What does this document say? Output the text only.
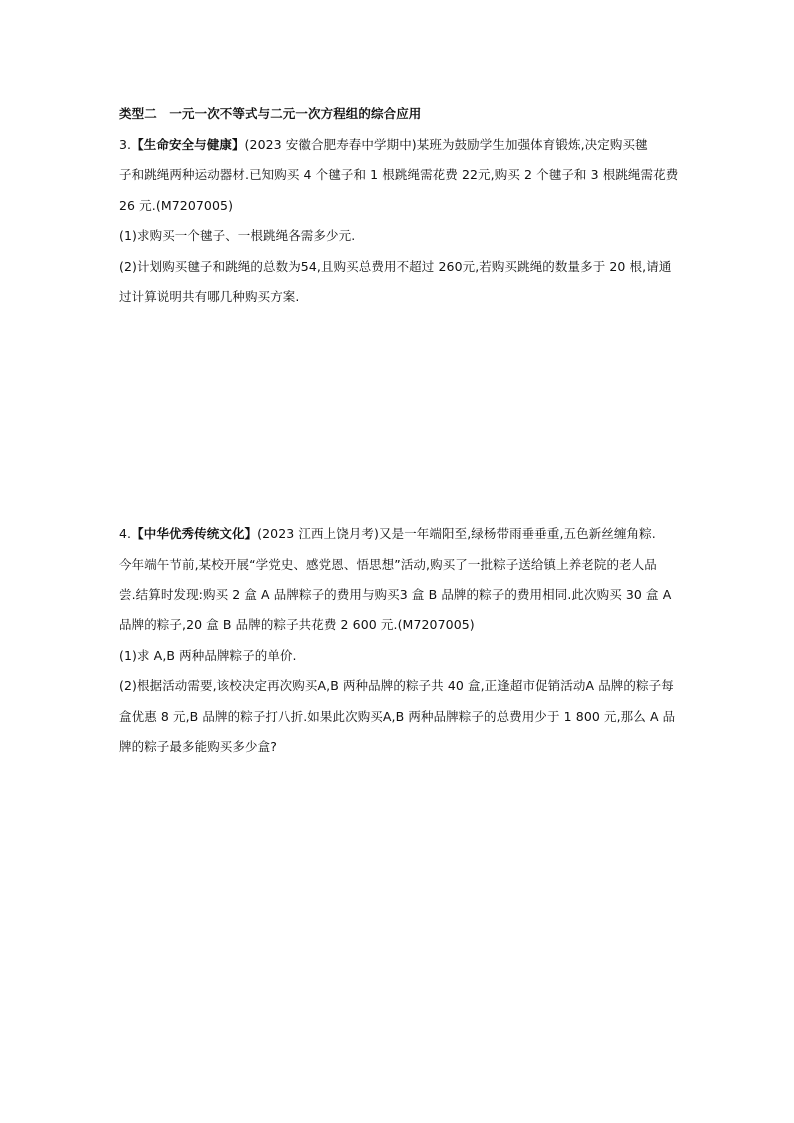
类型二　一元一次不等式与二元一次方程组的综合应用
3.【生命安全与健康】(2023 安徽合肥寿春中学期中)某班为鼓励学生加强体育锻炼,决定购买毽
子和跳绳两种运动器材.已知购买 4 个毽子和 1 根跳绳需花费 22元,购买 2 个毽子和 3 根跳绳需花费
26 元.(M7207005)
(1)求购买一个毽子、一根跳绳各需多少元.
(2)计划购买毽子和跳绳的总数为54,且购买总费用不超过 260元,若购买跳绳的数量多于 20 根,请通
过计算说明共有哪几种购买方案.
4.【中华优秀传统文化】(2023 江西上饶月考)又是一年端阳至,绿杨带雨垂垂重,五色新丝缠角粽.
今年端午节前,某校开展“学党史、感党恩、悟思想”活动,购买了一批粽子送给镇上养老院的老人品
尝.结算时发现:购买 2 盒 A 品牌粽子的费用与购买3 盒 B 品牌的粽子的费用相同.此次购买 30 盒 A
品牌的粽子,20 盒 B 品牌的粽子共花费 2 600 元.(M7207005)
(1)求 A,B 两种品牌粽子的单价.
(2)根据活动需要,该校决定再次购买A,B 两种品牌的粽子共 40 盒,正逢超市促销活动A 品牌的粽子每
盒优惠 8 元,B 品牌的粽子打八折.如果此次购买A,B 两种品牌粽子的总费用少于 1 800 元,那么 A 品
牌的粽子最多能购买多少盒?
